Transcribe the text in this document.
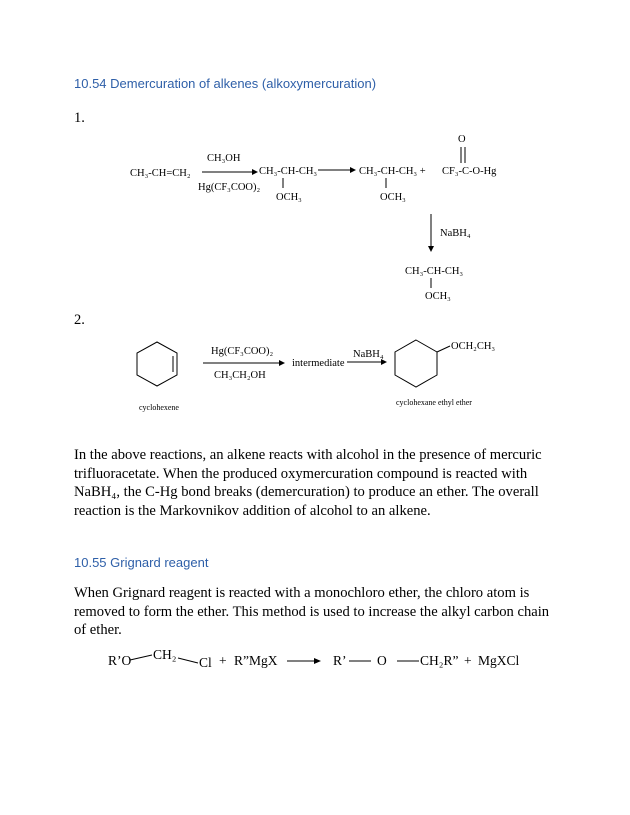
10.54 Demercuration of alkenes (alkoxymercuration)
1.
CH₃-CH=CH₂
CH₃OH
Hg(CF₃COO)₂
CH₃-CH-CH₃
OCH₃
CH₃-CH-CH₃ +
OCH₃
O
CF₃-C-O-Hg
NaBH₄
CH₃-CH-CH₃
OCH₃
2.
cyclohexene
Hg(CF₃COO)₂
CH₃CH₂OH
intermediate
NaBH₄
OCH₂CH₃
cyclohexane ethyl ether

In the above reactions, an alkene reacts with alcohol in the presence of mercuric trifluoracetate. When the produced oxymercuration compound is reacted with NaBH₄, the C-Hg bond breaks (demercuration) to produce an ether. The overall reaction is the Markovnikov addition of alcohol to an alkene.

10.55 Grignard reagent

When Grignard reagent is reacted with a monochloro ether, the chloro atom is removed to form the ether. This method is used to increase the alkyl carbon chain of ether.

R’O CH₂
Cl + R”MgX	R’ O CH₂R” + MgXCl
